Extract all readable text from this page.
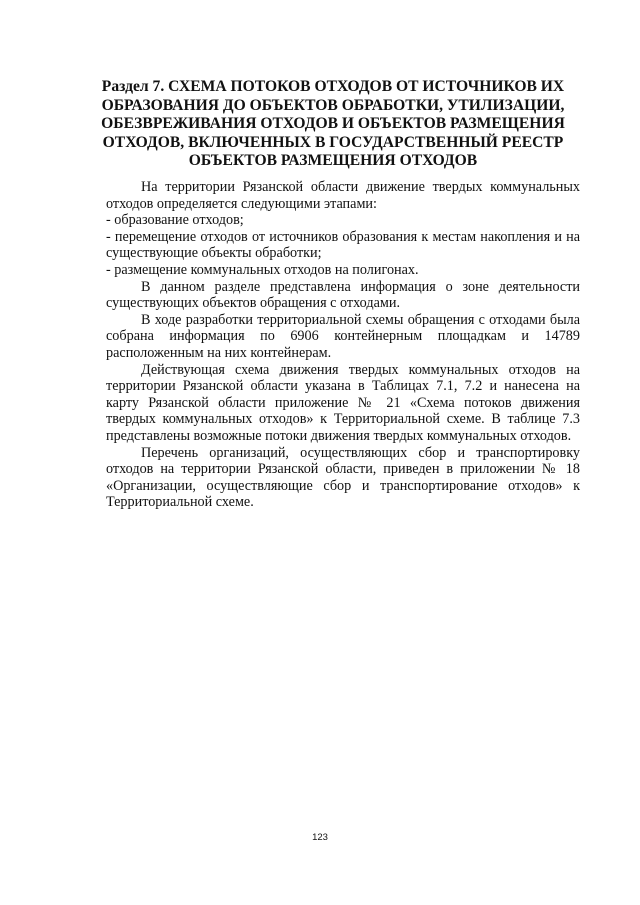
Раздел 7. СХЕМА ПОТОКОВ ОТХОДОВ ОТ ИСТОЧНИКОВ ИХ
ОБРАЗОВАНИЯ ДО ОБЪЕКТОВ ОБРАБОТКИ, УТИЛИЗАЦИИ,
ОБЕЗВРЕЖИВАНИЯ ОТХОДОВ И ОБЪЕКТОВ РАЗМЕЩЕНИЯ
ОТХОДОВ, ВКЛЮЧЕННЫХ В ГОСУДАРСТВЕННЫЙ РЕЕСТР
ОБЪЕКТОВ РАЗМЕЩЕНИЯ ОТХОДОВ

На территории Рязанской области движение твердых коммунальных отходов определяется следующими этапами:

- образование отходов;

- перемещение отходов от источников образования к местам накопления и на существующие объекты обработки;

- размещение коммунальных отходов на полигонах.

В данном разделе представлена информация о зоне деятельности существующих объектов обращения с отходами.

В ходе разработки территориальной схемы обращения с отходами была собрана информация по 6906 контейнерным площадкам и 14789 расположенным на них контейнерам.

Действующая схема движения твердых коммунальных отходов на территории Рязанской области указана в Таблицах 7.1, 7.2 и нанесена на карту Рязанской области приложение № 21 «Схема потоков движения твердых коммунальных отходов» к Территориальной схеме. В таблице 7.3 представлены возможные потоки движения твердых коммунальных отходов.

Перечень организаций, осуществляющих сбор и транспортировку отходов на территории Рязанской области, приведен в приложении № 18 «Организации, осуществляющие сбор и транспортирование отходов» к Территориальной схеме.

123
